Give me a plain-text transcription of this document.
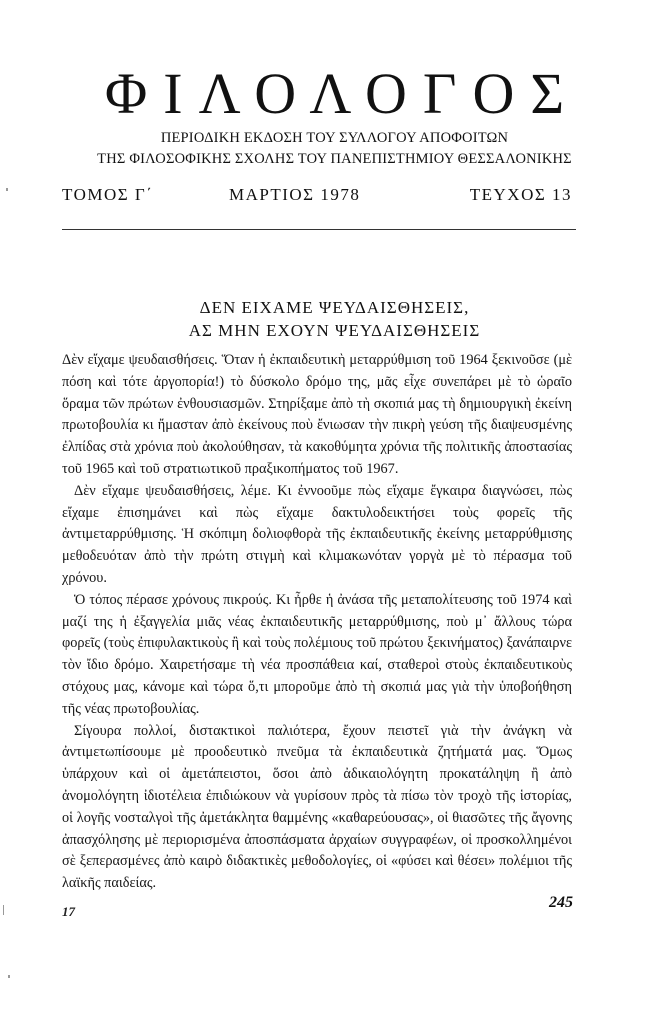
ΦΙΛΟΛΟΓΟΣ
ΠΕΡΙΟΔΙΚΗ ΕΚΔΟΣΗ ΤΟΥ ΣΥΛΛΟΓΟΥ ΑΠΟΦΟΙΤΩΝ
ΤΗΣ ΦΙΛΟΣΟΦΙΚΗΣ ΣΧΟΛΗΣ ΤΟΥ ΠΑΝΕΠΙΣΤΗΜΙΟΥ ΘΕΣΣΑΛΟΝΙΚΗΣ
ΤΟΜΟΣ Γ΄	ΜΑΡΤΙΟΣ 1978	ΤΕΥΧΟΣ 13
ΔΕΝ ΕΙΧΑΜΕ ΨΕΥΔΑΙΣΘΗΣΕΙΣ,
ΑΣ ΜΗΝ ΕΧΟΥΝ ΨΕΥΔΑΙΣΘΗΣΕΙΣ

Δὲν εἴχαμε ψευδαισθήσεις. Ὅταν ἡ ἐκπαιδευτικὴ μεταρρύθμιση τοῦ 1964 ξεκινοῦσε (μὲ πόση καὶ τότε ἀργοπορία!) τὸ δύσκολο δρόμο της, μᾶς εἶχε συνεπάρει μὲ τὸ ὡραῖο ὅραμα τῶν πρώτων ἐνθουσιασμῶν. Στηρίξαμε ἀπὸ τὴ σκοπιά μας τὴ δημιουργικὴ ἐκείνη πρωτοβουλία κι ἤμασταν ἀπὸ ἐκείνους ποὺ ἔνιωσαν τὴν πικρὴ γεύση τῆς διαψευσμένης ἐλπίδας στὰ χρόνια ποὺ ἀκολούθησαν, τὰ κακοθύμητα χρόνια τῆς πολιτικῆς ἀποστασίας τοῦ 1965 καὶ τοῦ στρατιωτικοῦ πραξικοπήματος τοῦ 1967.

Δὲν εἴχαμε ψευδαισθήσεις, λέμε. Κι ἐννοοῦμε πὼς εἴχαμε ἔγκαιρα διαγνώσει, πὼς εἴχαμε ἐπισημάνει καὶ πὼς εἴχαμε δακτυλοδεικτήσει τοὺς φορεῖς τῆς ἀντιμεταρρύθμισης. Ἡ σκόπιμη δολιοφθορὰ τῆς ἐκπαιδευτικῆς ἐκείνης μεταρρύθμισης μεθοδευόταν ἀπὸ τὴν πρώτη στιγμὴ καὶ κλιμακωνόταν γοργὰ μὲ τὸ πέρασμα τοῦ χρόνου.

Ὁ τόπος πέρασε χρόνους πικρούς. Κι ἦρθε ἡ ἀνάσα τῆς μεταπολίτευσης τοῦ 1974 καὶ μαζί της ἡ ἐξαγγελία μιᾶς νέας ἐκπαιδευτικῆς μεταρρύθμισης, ποὺ μ᾿ ἄλλους τώρα φορεῖς (τοὺς ἐπιφυλακτικοὺς ἢ καὶ τοὺς πολέμιους τοῦ πρώτου ξεκινήματος) ξανάπαιρνε τὸν ἴδιο δρόμο. Χαιρετήσαμε τὴ νέα προσπάθεια καί, σταθεροὶ στοὺς ἐκπαιδευτικοὺς στόχους μας, κάνομε καὶ τώρα ὅ,τι μποροῦμε ἀπὸ τὴ σκοπιά μας γιὰ τὴν ὑποβοήθηση τῆς νέας πρωτοβουλίας.

Σίγουρα πολλοί, διστακτικοὶ παλιότερα, ἔχουν πειστεῖ γιὰ τὴν ἀνάγκη νὰ ἀντιμετωπίσουμε μὲ προοδευτικὸ πνεῦμα τὰ ἐκπαιδευτικὰ ζητήματά μας. Ὅμως ὑπάρχουν καὶ οἱ ἀμετάπειστοι, ὅσοι ἀπὸ ἀδικαιολόγητη προκατάληψη ἢ ἀπὸ ἀνομολόγητη ἰδιοτέλεια ἐπιδιώκουν νὰ γυρίσουν πρὸς τὰ πίσω τὸν τροχὸ τῆς ἱστορίας, οἱ λογῆς νοσταλγοὶ τῆς ἀμετάκλητα θαμμένης «καθαρεύουσας», οἱ θιασῶτες τῆς ἄγονης ἀπασχόλησης μὲ περιορισμένα ἀποσπάσματα ἀρχαίων συγγραφέων, οἱ προσκολλημένοι σὲ ξεπερασμένες ἀπὸ καιρὸ διδακτικὲς μεθοδολογίες, οἱ «φύσει καὶ θέσει» πολέμιοι τῆς λαϊκῆς παιδείας.

17
245
